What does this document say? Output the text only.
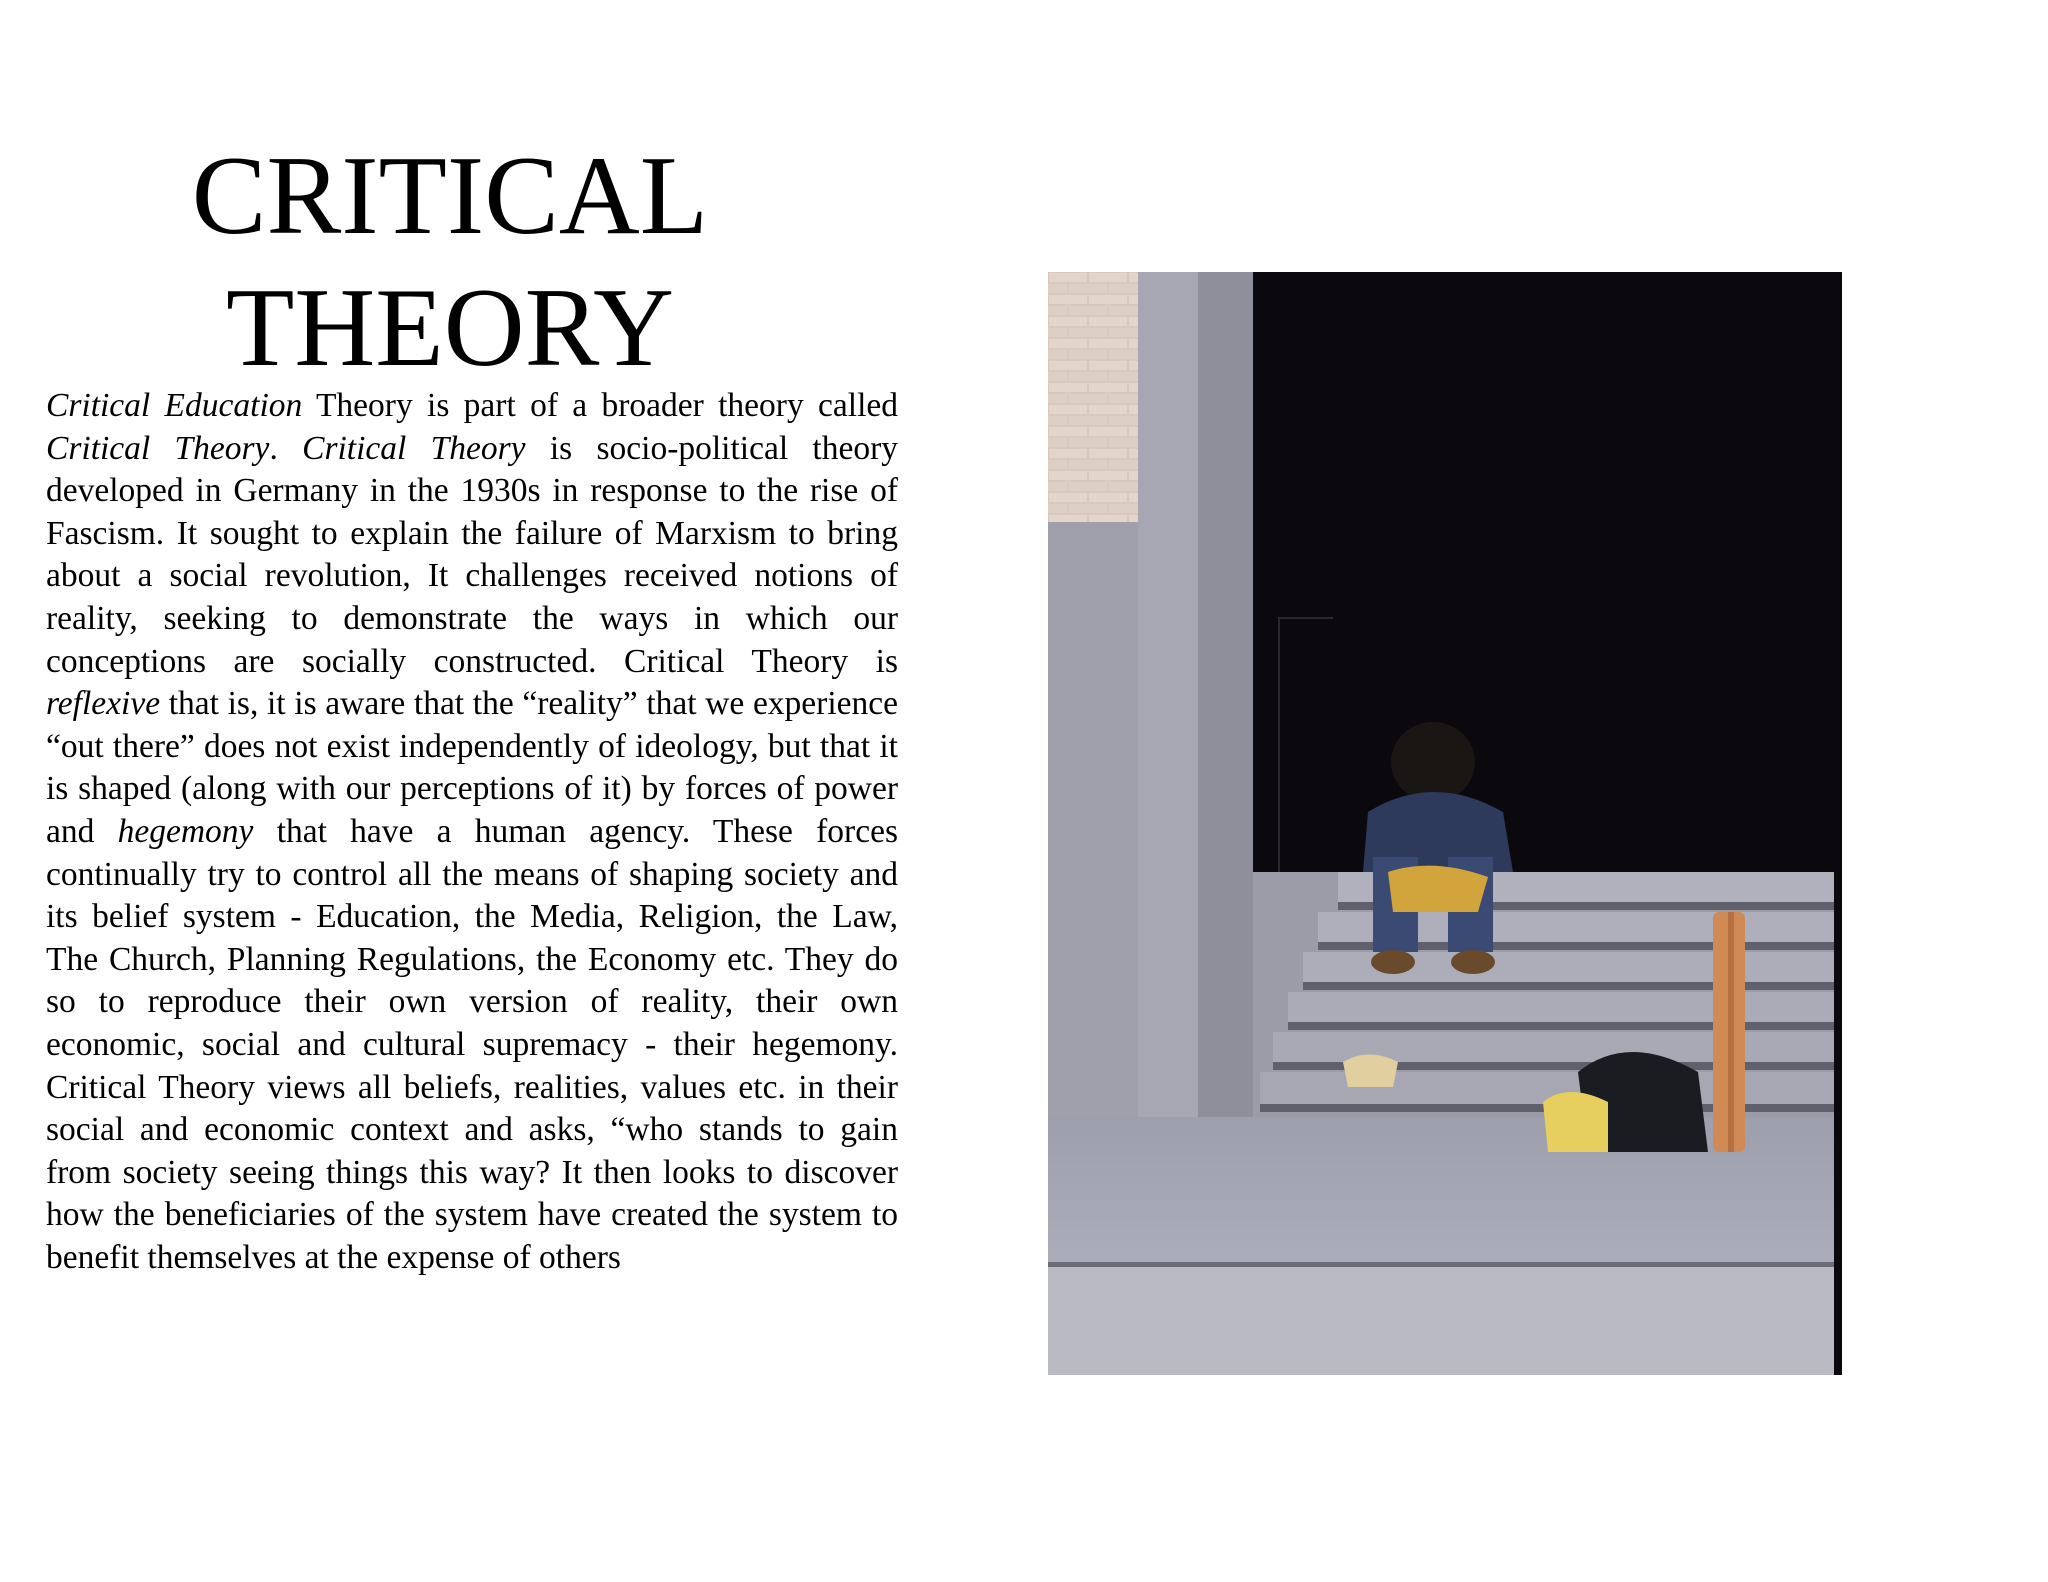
CRITICAL
THEORY

Critical Education Theory is part of a broader theory called Critical Theory. Critical Theory is socio-political theory developed in Germany in the 1930s in response to the rise of Fascism. It sought to explain the failure of Marxism to bring about a social revolution, It challenges received notions of reality, seeking to demonstrate the ways in which our conceptions are socially constructed. Critical Theory is reflexive that is, it is aware that the “reality” that we experience “out there” does not exist independently of ideology, but that it is shaped (along with our perceptions of it) by forces of power and hegemony that have a human agency. These forces continually try to control all the means of shaping society and its belief system - Education, the Media, Religion, the Law, The Church, Planning Regulations, the Economy etc. They do so to reproduce their own version of reality, their own economic, social and cultural supremacy - their hegemony. Critical Theory views all beliefs, realities, values etc. in their social and economic context and asks, “who stands to gain from society seeing things this way? It then looks to discover how the beneficiaries of the system have created the system to benefit themselves at the expense of others
